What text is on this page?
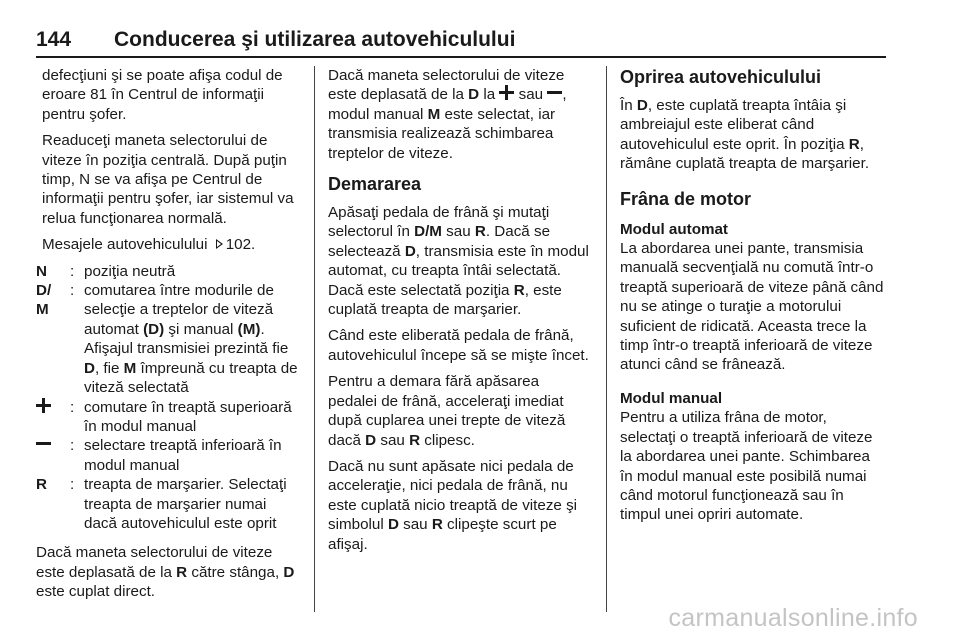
144 Conducerea şi utilizarea autovehiculului

defecţiuni şi se poate afişa codul de eroare 81 în Centrul de informaţii pentru şofer.

Readuceţi maneta selectorului de viteze în poziţia centrală. După puţin timp, N se va afişa pe Centrul de informaţii pentru şofer, iar sistemul va relua funcţionarea normală.

Mesajele autovehiculului 102.

N	: poziţia neutră
D/
M
: comutarea între modurile de selecţie a treptelor de viteză automat (D) şi manual (M). Afişajul transmisiei prezintă fie D, fie M împreună cu treapta de viteză selectată
: comutare în treaptă superioară în modul manual
: selectare treaptă inferioară în modul manual
R	: treapta de marşarier. Selectaţi treapta de marşarier numai dacă autovehiculul este oprit

Dacă maneta selectorului de viteze este deplasată de la R către stânga, D este cuplat direct.

Dacă maneta selectorului de viteze este deplasată de la D la  sau , modul manual M este selectat, iar transmisia realizează schimbarea treptelor de viteze.

Demararea

Apăsaţi pedala de frână şi mutaţi selectorul în D/M sau R. Dacă se selectează D, transmisia este în modul automat, cu treapta întâi selectată. Dacă este selectată poziţia R, este cuplată treapta de marşarier.

Când este eliberată pedala de frână, autovehiculul începe să se mişte încet.

Pentru a demara fără apăsarea pedalei de frână, acceleraţi imediat după cuplarea unei trepte de viteză dacă D sau R clipesc.

Dacă nu sunt apăsate nici pedala de acceleraţie, nici pedala de frână, nu este cuplată nicio treaptă de viteze şi simbolul D sau R clipeşte scurt pe afişaj.

Oprirea autovehiculului

În D, este cuplată treapta întâia şi ambreiajul este eliberat când autovehiculul este oprit. În poziţia R, rămâne cuplată treapta de marşarier.

Frâna de motor
Modul automat

La abordarea unei pante, transmisia manuală secvenţială nu comută într-o treaptă superioară de viteze până când nu se atinge o turaţie a motorului suficient de ridicată. Aceasta trece la timp într-o treaptă inferioară de viteze atunci când se frânează.

Modul manual

Pentru a utiliza frâna de motor, selectaţi o treaptă inferioară de viteze la abordarea unei pante. Schimbarea în modul manual este posibilă numai când motorul funcţionează sau în timpul unei opriri automate.

carmanualsonline.info
